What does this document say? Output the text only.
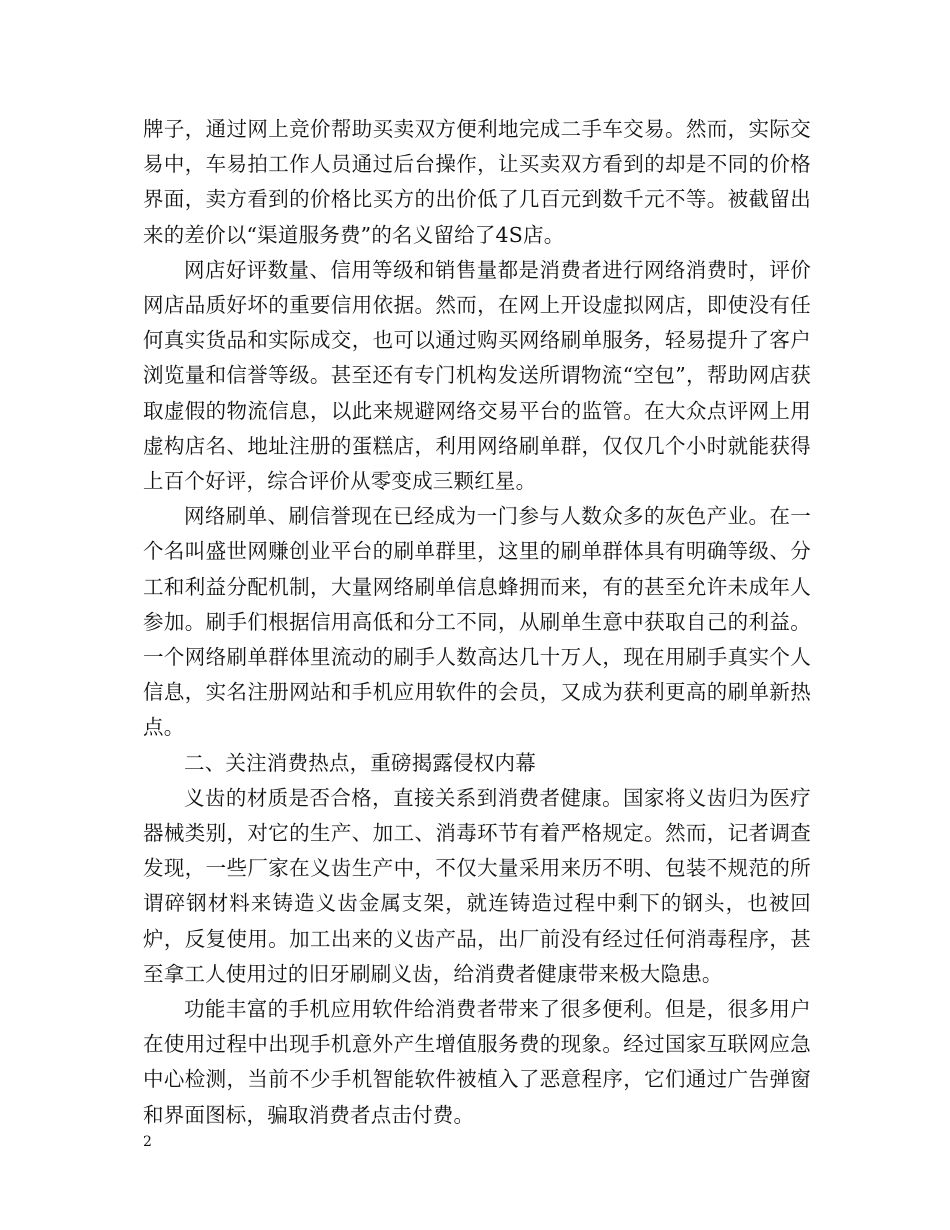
牌子，通过网上竞价帮助买卖双方便利地完成二手车交易。然而，实际交易中，车易拍工作人员通过后台操作，让买卖双方看到的却是不同的价格界面，卖方看到的价格比买方的出价低了几百元到数千元不等。被截留出来的差价以“渠道服务费”的名义留给了4S店。

网店好评数量、信用等级和销售量都是消费者进行网络消费时，评价网店品质好坏的重要信用依据。然而，在网上开设虚拟网店，即使没有任何真实货品和实际成交，也可以通过购买网络刷单服务，轻易提升了客户浏览量和信誉等级。甚至还有专门机构发送所谓物流“空包”，帮助网店获取虚假的物流信息，以此来规避网络交易平台的监管。在大众点评网上用虚构店名、地址注册的蛋糕店，利用网络刷单群，仅仅几个小时就能获得上百个好评，综合评价从零变成三颗红星。

网络刷单、刷信誉现在已经成为一门参与人数众多的灰色产业。在一个名叫盛世网赚创业平台的刷单群里，这里的刷单群体具有明确等级、分工和利益分配机制，大量网络刷单信息蜂拥而来，有的甚至允许未成年人参加。刷手们根据信用高低和分工不同，从刷单生意中获取自己的利益。一个网络刷单群体里流动的刷手人数高达几十万人，现在用刷手真实个人信息，实名注册网站和手机应用软件的会员，又成为获利更高的刷单新热点。

二、关注消费热点，重磅揭露侵权内幕

义齿的材质是否合格，直接关系到消费者健康。国家将义齿归为医疗器械类别，对它的生产、加工、消毒环节有着严格规定。然而，记者调查发现，一些厂家在义齿生产中，不仅大量采用来历不明、包装不规范的所谓碎钢材料来铸造义齿金属支架，就连铸造过程中剩下的钢头，也被回炉，反复使用。加工出来的义齿产品，出厂前没有经过任何消毒程序，甚至拿工人使用过的旧牙刷刷义齿，给消费者健康带来极大隐患。

功能丰富的手机应用软件给消费者带来了很多便利。但是，很多用户在使用过程中出现手机意外产生增值服务费的现象。经过国家互联网应急中心检测，当前不少手机智能软件被植入了恶意程序，它们通过广告弹窗和界面图标，骗取消费者点击付费。

2
